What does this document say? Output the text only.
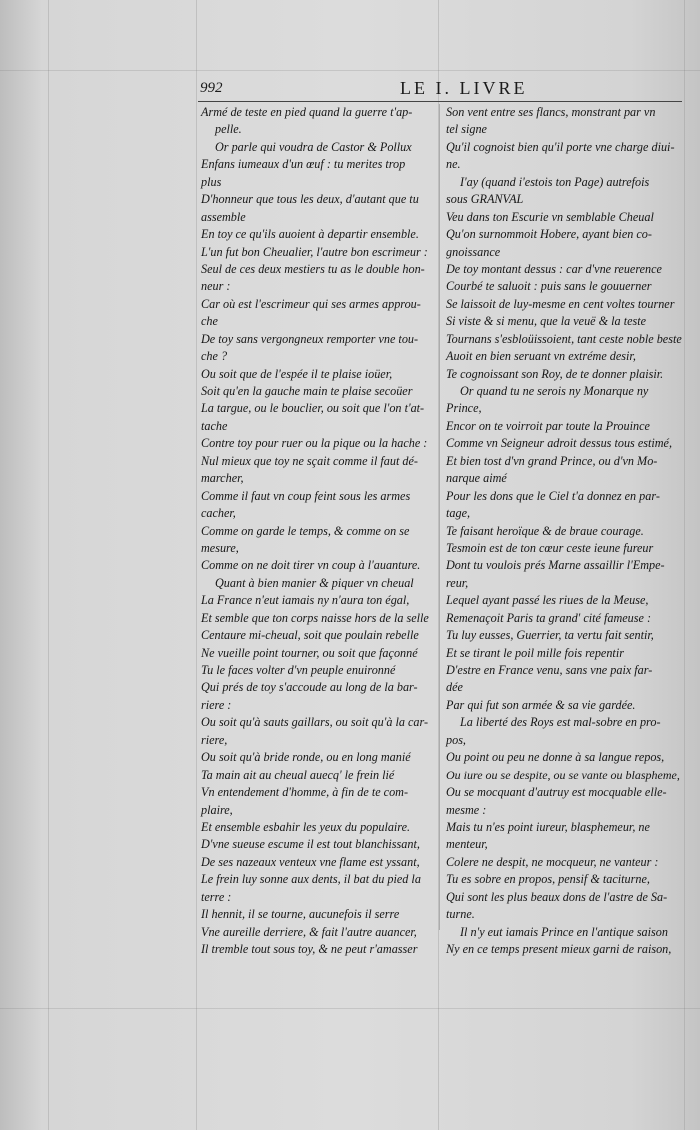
992	LE I. LIVRE
Armé de teste en pied quand la guerre t'ap-
pelle.
Or parle qui voudra de Castor & Pollux
Enfans iumeaux d'un œuf : tu merites trop
plus
D'honneur que tous les deux, d'autant que tu
assemble
En toy ce qu'ils auoient à departir ensemble.
L'un fut bon Cheualier, l'autre bon escrimeur :
Seul de ces deux mestiers tu as le double hon-
neur :
Car où est l'escrimeur qui ses armes approu-
che
De toy sans vergongneux remporter vne tou-
che ?
Ou soit que de l'espée il te plaise ioüer,
Soit qu'en la gauche main te plaise secoüer
La targue, ou le bouclier, ou soit que l'on t'at-
tache
Contre toy pour ruer ou la pique ou la hache :
Nul mieux que toy ne sçait comme il faut dé-
marcher,
Comme il faut vn coup feint sous les armes
cacher,
Comme on garde le temps, & comme on se
mesure,
Comme on ne doit tirer vn coup à l'auanture.
Quant à bien manier & piquer vn cheual
La France n'eut iamais ny n'aura ton égal,
Et semble que ton corps naisse hors de la selle
Centaure mi-cheual, soit que poulain rebelle
Ne vueille point tourner, ou soit que façonné
Tu le faces volter d'vn peuple enuironné
Qui prés de toy s'accoude au long de la bar-
riere :
Ou soit qu'à sauts gaillars, ou soit qu'à la car-
riere,
Ou soit qu'à bride ronde, ou en long manié
Ta main ait au cheual auecq' le frein lié
Vn entendement d'homme, à fin de te com-
plaire,
Et ensemble esbahir les yeux du populaire.
D'vne sueuse escume il est tout blanchissant,
De ses nazeaux venteux vne flame est yssant,
Le frein luy sonne aux dents, il bat du pied la
terre :
Il hennit, il se tourne, aucunefois il serre
Vne aureille derriere, & fait l'autre auancer,
Il tremble tout sous toy, & ne peut r'amasser
Son vent entre ses flancs, monstrant par vn
tel signe
Qu'il cognoist bien qu'il porte vne charge diui-
ne.
I'ay (quand i'estois ton Page) autrefois
sous GRANVAL
Veu dans ton Escurie vn semblable Cheual
Qu'on surnommoit Hobere, ayant bien co-
gnoissance
De toy montant dessus : car d'vne reuerence
Courbé te saluoit : puis sans le gouuerner
Se laissoit de luy-mesme en cent voltes tourner
Si viste & si menu, que la veuë & la teste
Tournans s'esbloüissoient, tant ceste noble beste
Auoit en bien seruant vn extréme desir,
Te cognoissant son Roy, de te donner plaisir.
Or quand tu ne serois ny Monarque ny
Prince,
Encor on te voirroit par toute la Prouince
Comme vn Seigneur adroit dessus tous estimé,
Et bien tost d'vn grand Prince, ou d'vn Mo-
narque aimé
Pour les dons que le Ciel t'a donnez en par-
tage,
Te faisant heroïque & de braue courage.
Tesmoin est de ton cœur ceste ieune fureur
Dont tu voulois prés Marne assaillir l'Empe-
reur,
Lequel ayant passé les riues de la Meuse,
Remenaçoit Paris ta grand' cité fameuse :
Tu luy eusses, Guerrier, ta vertu fait sentir,
Et se tirant le poil mille fois repentir
D'estre en France venu, sans vne paix far-
dée
Par qui fut son armée & sa vie gardée.
La liberté des Roys est mal-sobre en pro-
pos,
Ou point ou peu ne donne à sa langue repos,
Ou iure ou se despite, ou se vante ou blaspheme,
Ou se mocquant d'autruy est mocquable elle-
mesme :
Mais tu n'es point iureur, blasphemeur, ne
menteur,
Colere ne despit, ne mocqueur, ne vanteur :
Tu es sobre en propos, pensif & taciturne,
Qui sont les plus beaux dons de l'astre de Sa-
turne.
Il n'y eut iamais Prince en l'antique saison
Ny en ce temps present mieux garni de raison,
